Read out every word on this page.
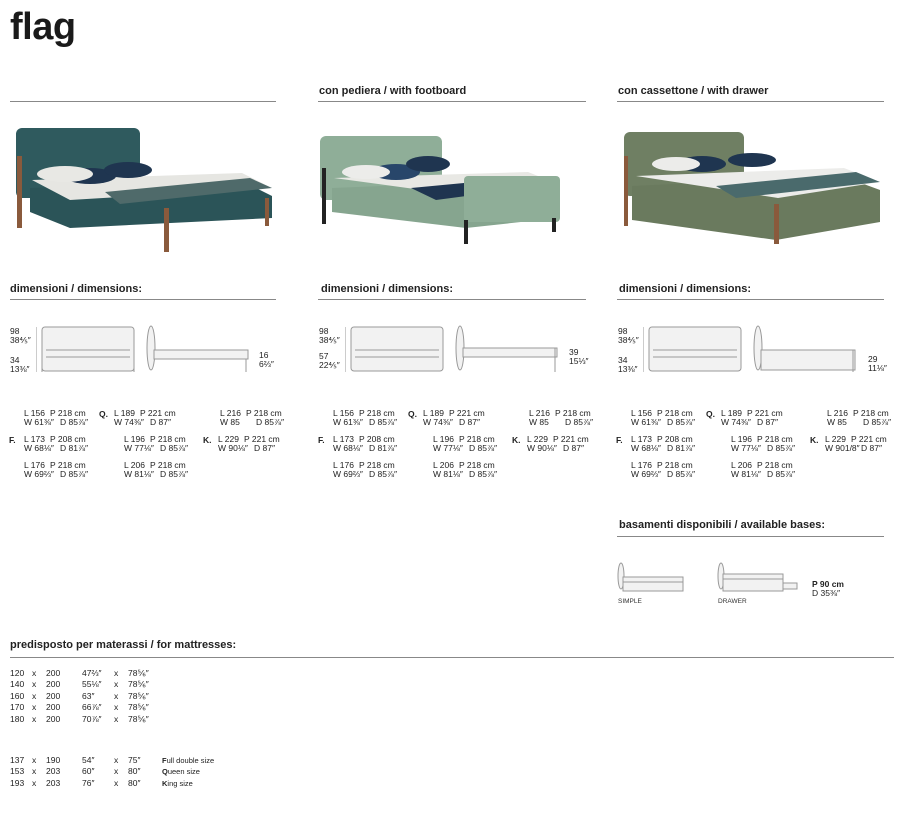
flag
con pediera / with footboard	con cassettone / with drawer
dimensioni / dimensions:	dimensioni / dimensions:	dimensioni / dimensions:
98
38⅘″
34
13⅜″
16
6⅔″
98
38⅘″
57
22⅘″
39
15⅓″
98
38⅘″
34
13⅜″
29
11⅛″
L 156 P 218 cm
W 61⅜″ D 85⅞″
Q. L 189 P 221 cm
W 74⅜″ D 87″
L 216 P 218 cm
W 85 D 85⅞″
F. L 173 P 208 cm
W 68⅛″ D 81⅞″
L 196 P 218 cm
W 77⅛″ D 85⅞″
K. L 229 P 221 cm
W 90⅛″ D 87″
L 176 P 218 cm
W 69⅔″ D 85⅞″
L 206 P 218 cm
W 81⅛″ D 85⅞″
L 156 P 218 cm
W 61⅜″ D 85⅞″
Q. L 189 P 221 cm
W 74⅜″ D 87″
L 216 P 218 cm
W 85 D 85⅞″
F. L 173 P 208 cm
W 68⅛″ D 81⅞″
L 196 P 218 cm
W 77⅛″ D 85⅞″
K. L 229 P 221 cm
W 90⅛″ D 87″
L 176 P 218 cm
W 69⅔″ D 85⅞″
L 206 P 218 cm
W 81⅛″ D 85⅞″
L 156 P 218 cm
W 61⅜″ D 85⅞″
Q. L 189 P 221 cm
W 74⅜″ D 87″
L 216 P 218 cm
W 85 D 85⅞″
F. L 173 P 208 cm
W 68⅛″ D 81⅞″
L 196 P 218 cm
W 77⅛″ D 85⅞″
K. L 229 P 221 cm
W 901/8″ D 87″
L 176 P 218 cm
W 69⅔″ D 85⅞″
L 206 P 218 cm
W 81⅛″ D 85⅞″
basamenti disponibili / available bases:
SIMPLE	DRAWER
P 90 cm
D 35⅜″
predisposto per materassi / for mattresses:
120 x	200	47⅔″	x	78⅚″
140 x	200	55⅛″	x	78⅚″
160 x	200	63″	x	78⅚″
170 x	200	66⅞″	x	78⅚″
180 x	200	70⅞″	x	78⅚″
137 x	190	54″	x	75″	F ull double size
153 x	203	60″	x	80″	Q ueen size
193 x	203	76″	x	80″	K ing size
